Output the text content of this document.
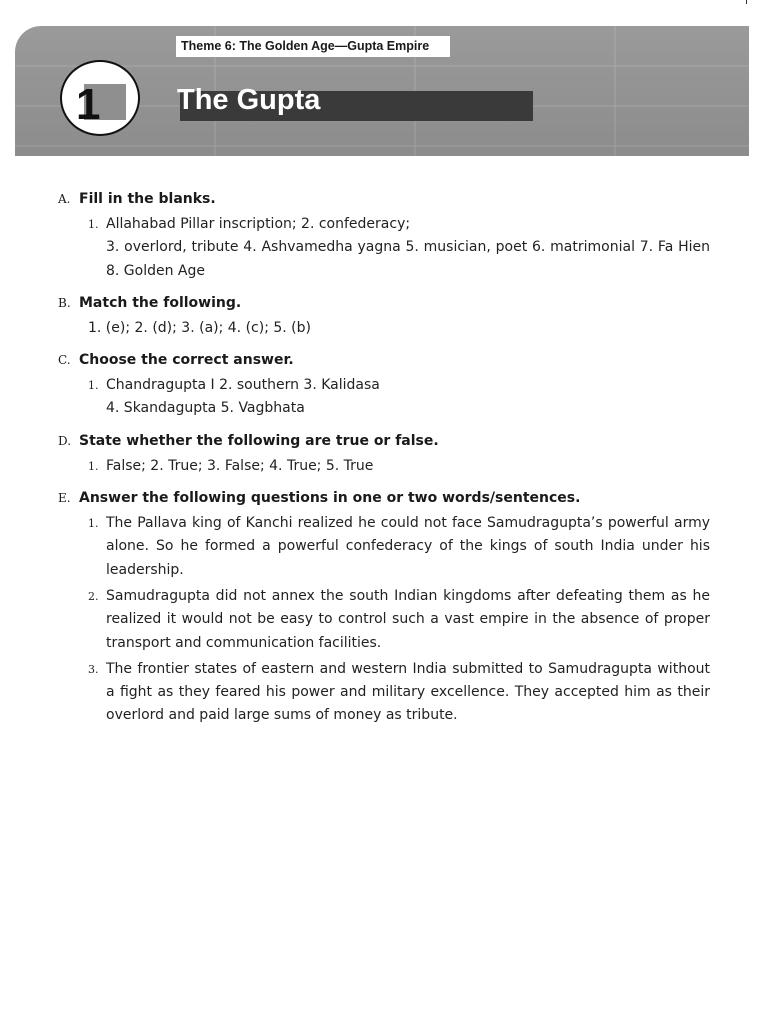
Theme 6: The Golden Age—Gupta Empire
1	The Gupta
A. Fill in the blanks.
1. Allahabad Pillar inscription; 2. confederacy;
3. overlord, tribute 4. Ashvamedha yagna 5. musician, poet 6. matrimonial 7. Fa Hien 8. Golden Age
B. Match the following.
1. (e); 2. (d); 3. (a); 4. (c); 5. (b)
C. Choose the correct answer.
1. Chandragupta I 2. southern 3. Kalidasa
4. Skandagupta 5. Vagbhata
D. State whether the following are true or false.
1. False; 2. True; 3. False; 4. True; 5. True
E. Answer the following questions in one or two words/sentences.
1. The Pallava king of Kanchi realized he could not face Samudragupta’s powerful army alone. So he formed a powerful confederacy of the kings of south India under his leadership.
2. Samudragupta did not annex the south Indian kingdoms after defeating them as he realized it would not be easy to control such a vast empire in the absence of proper transport and communication facilities.
3. The frontier states of eastern and western India submitted to Samudragupta without a fight as they feared his power and military excellence. They accepted him as their overlord and paid large sums of money as tribute.
